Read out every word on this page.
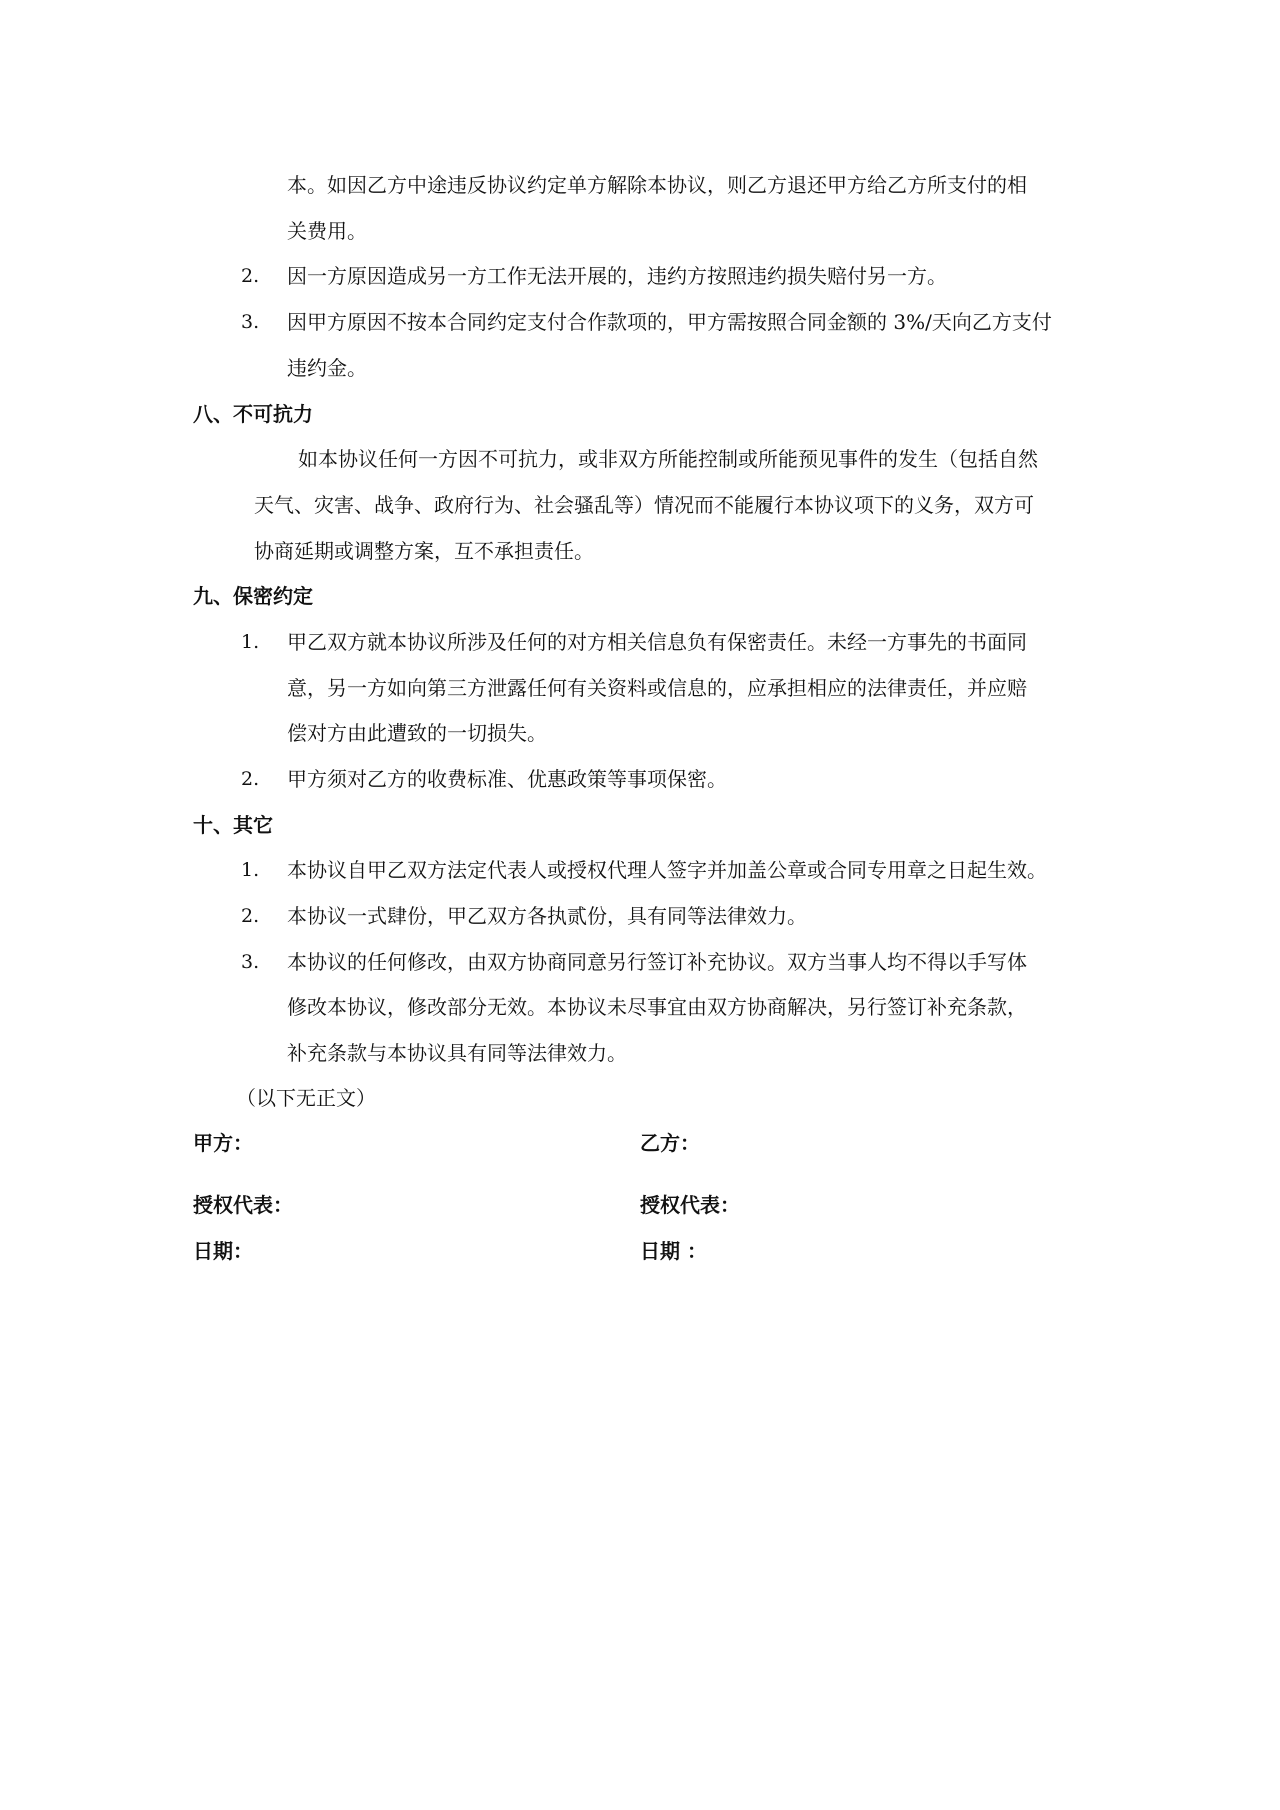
本。如因乙方中途违反协议约定单方解除本协议，则乙方退还甲方给乙方所支付的相
关费用。
2. 因一方原因造成另一方工作无法开展的，违约方按照违约损失赔付另一方。
3. 因甲方原因不按本合同约定支付合作款项的，甲方需按照合同金额的 3%/天向乙方支付
违约金。
八、不可抗力
如本协议任何一方因不可抗力，或非双方所能控制或所能预见事件的发生（包括自然
天气、灾害、战争、政府行为、社会骚乱等）情况而不能履行本协议项下的义务，双方可
协商延期或调整方案，互不承担责任。
九、保密约定
1. 甲乙双方就本协议所涉及任何的对方相关信息负有保密责任。未经一方事先的书面同
意，另一方如向第三方泄露任何有关资料或信息的，应承担相应的法律责任，并应赔
偿对方由此遭致的一切损失。
2. 甲方须对乙方的收费标准、优惠政策等事项保密。
十、其它
1. 本协议自甲乙双方法定代表人或授权代理人签字并加盖公章或合同专用章之日起生效。
2. 本协议一式肆份，甲乙双方各执贰份，具有同等法律效力。
3. 本协议的任何修改，由双方协商同意另行签订补充协议。双方当事人均不得以手写体
修改本协议，修改部分无效。本协议未尽事宜由双方协商解决，另行签订补充条款，
补充条款与本协议具有同等法律效力。
（以下无正文）
甲方：	乙方：
授权代表：	授权代表：
日期：	日期 ：
